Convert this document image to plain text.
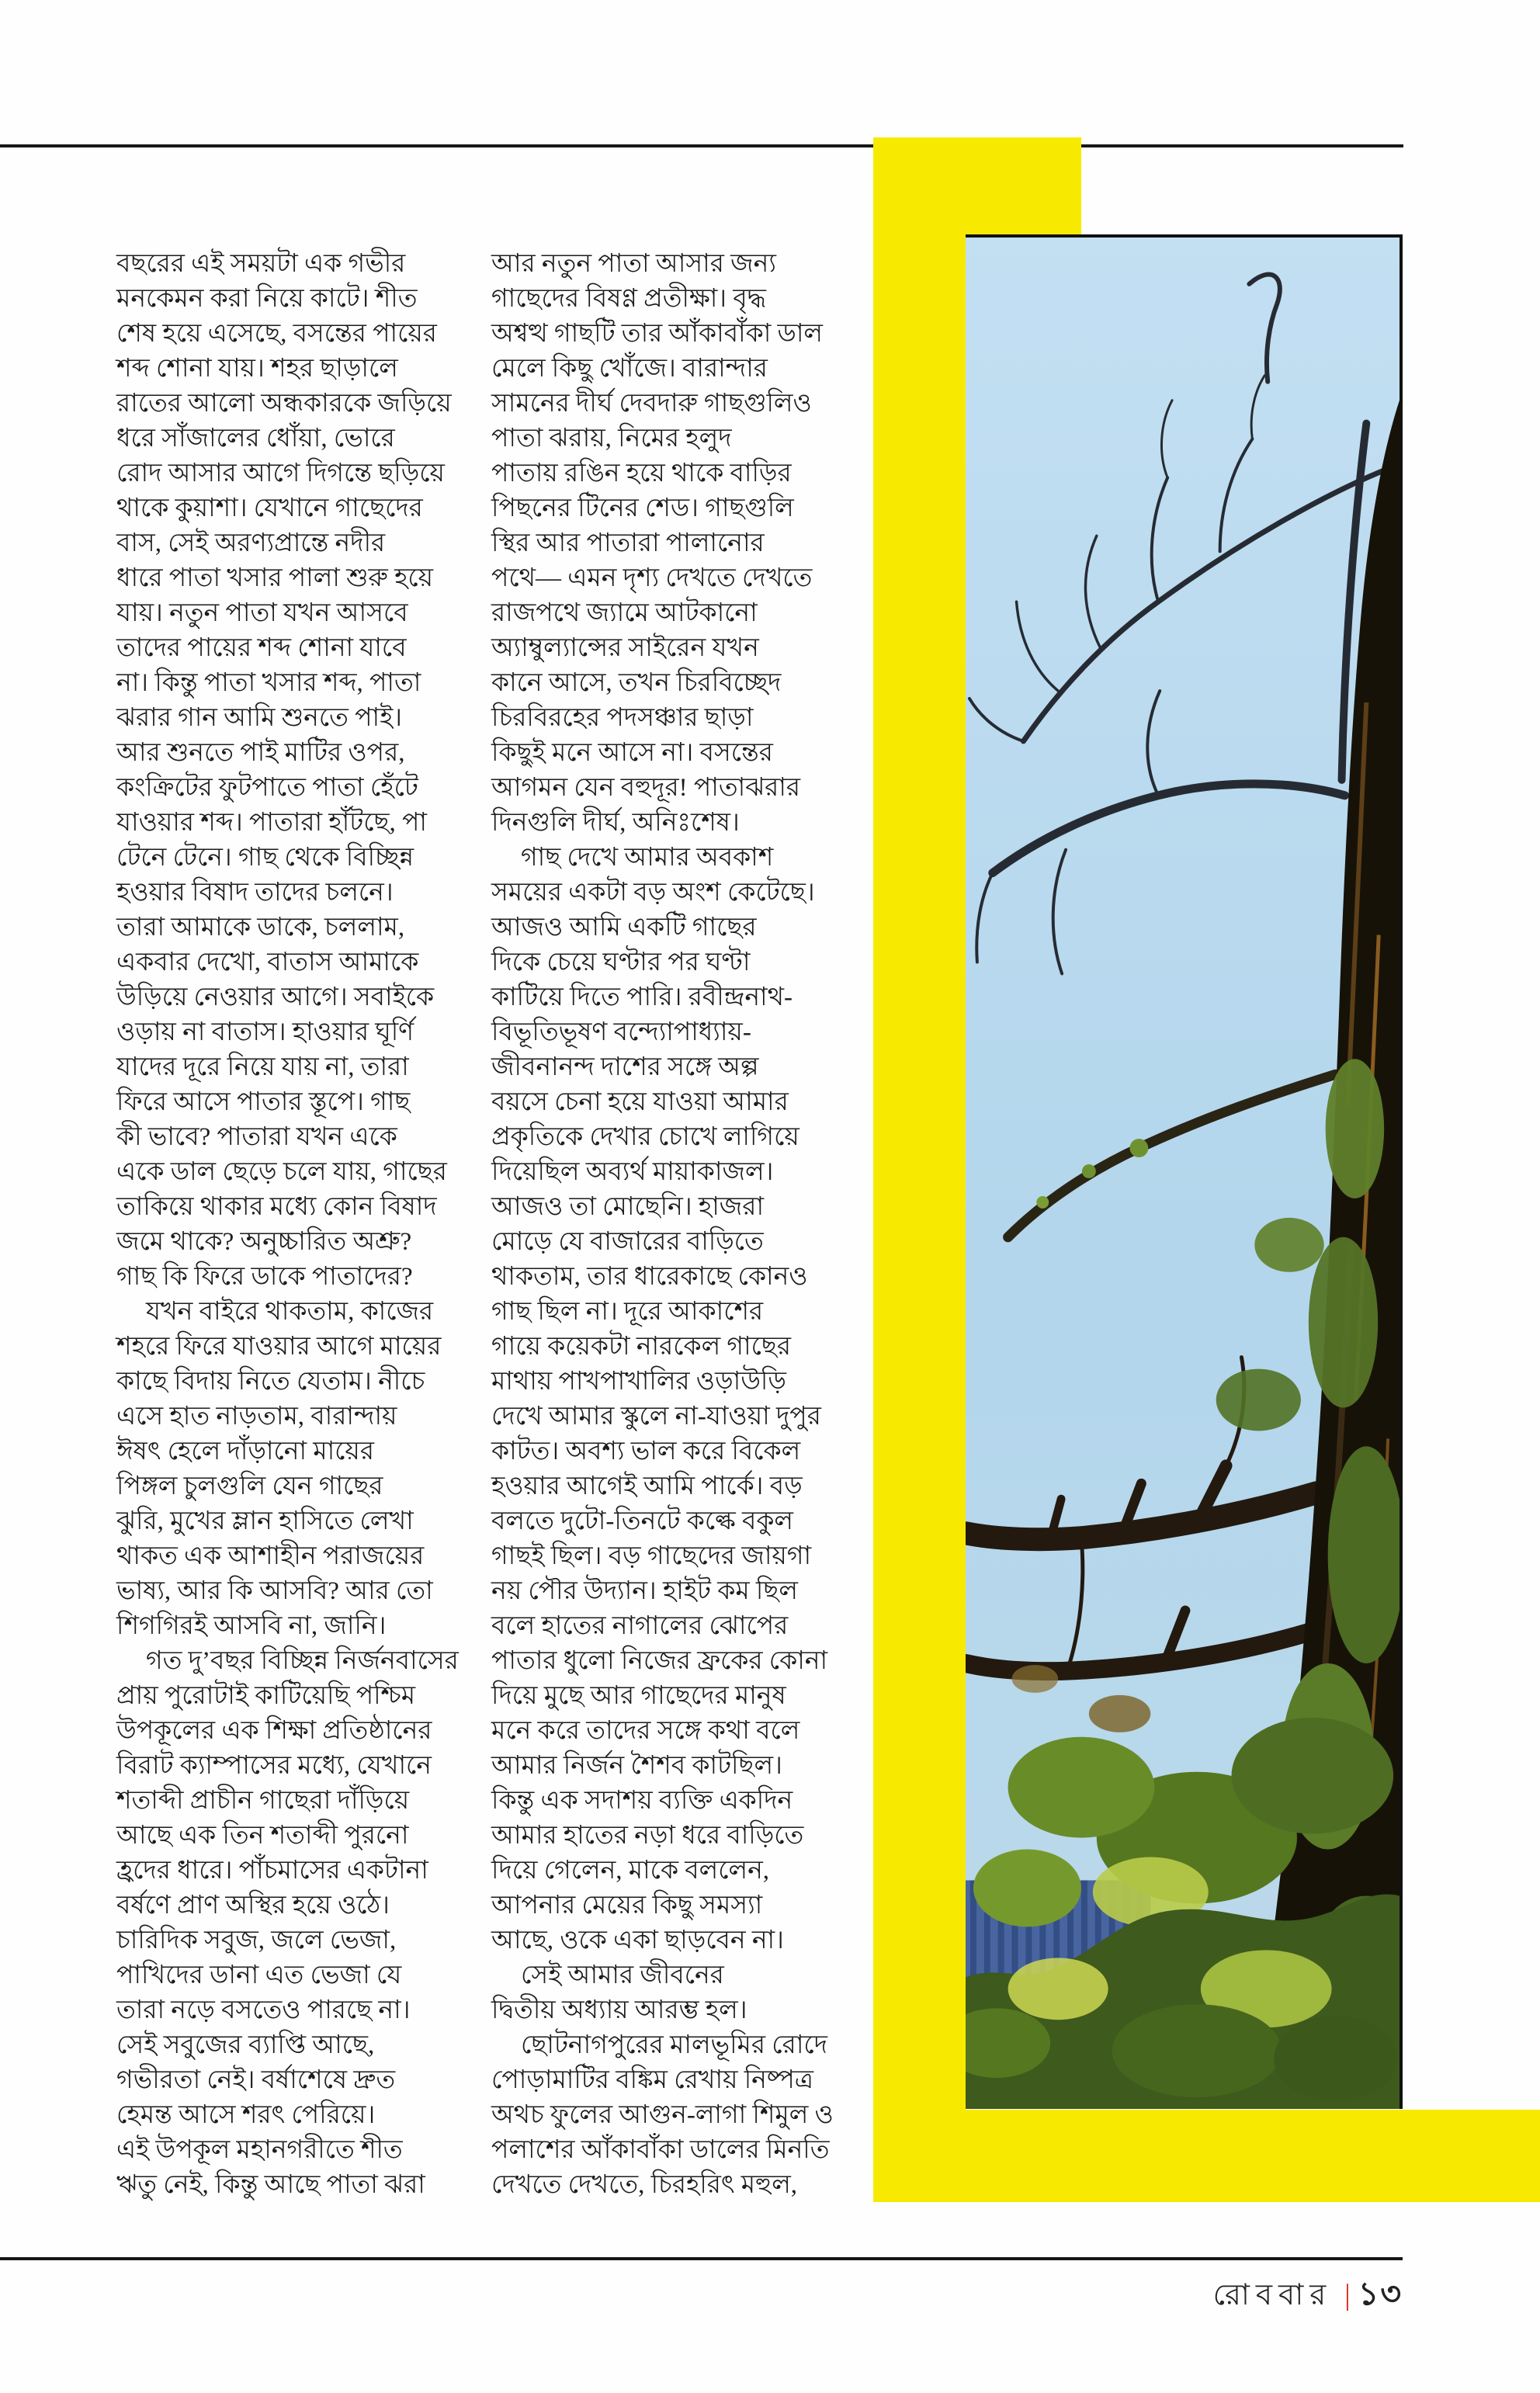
বছরের এই সময়টা এক গভীর
মনকেমন করা নিয়ে কাটে। শীত
শেষ হয়ে এসেছে, বসন্তের পায়ের
শব্দ শোনা যায়। শহর ছাড়ালে
রাতের আলো অন্ধকারকে জড়িয়ে
ধরে সাঁজালের ধোঁয়া, ভোরে
রোদ আসার আগে দিগন্তে ছড়িয়ে
থাকে কুয়াশা। যেখানে গাছেদের
বাস, সেই অরণ্যপ্রান্তে নদীর
ধারে পাতা খসার পালা শুরু হয়ে
যায়। নতুন পাতা যখন আসবে
তাদের পায়ের শব্দ শোনা যাবে
না। কিন্তু পাতা খসার শব্দ, পাতা
ঝরার গান আমি শুনতে পাই।
আর শুনতে পাই মাটির ওপর,
কংক্রিটের ফুটপাতে পাতা হেঁটে
যাওয়ার শব্দ। পাতারা হাঁটছে, পা
টেনে টেনে। গাছ থেকে বিচ্ছিন্ন
হওয়ার বিষাদ তাদের চলনে।
তারা আমাকে ডাকে, চললাম,
একবার দেখো, বাতাস আমাকে
উড়িয়ে নেওয়ার আগে। সবাইকে
ওড়ায় না বাতাস। হাওয়ার ঘূর্ণি
যাদের দূরে নিয়ে যায় না, তারা
ফিরে আসে পাতার স্তূপে। গাছ
কী ভাবে? পাতারা যখন একে
একে ডাল ছেড়ে চলে যায়, গাছের
তাকিয়ে থাকার মধ্যে কোন বিষাদ
জমে থাকে? অনুচ্চারিত অশ্রু?
গাছ কি ফিরে ডাকে পাতাদের?
যখন বাইরে থাকতাম, কাজের
শহরে ফিরে যাওয়ার আগে মায়ের
কাছে বিদায় নিতে যেতাম। নীচে
এসে হাত নাড়তাম, বারান্দায়
ঈষৎ হেলে দাঁড়ানো মায়ের
পিঙ্গল চুলগুলি যেন গাছের
ঝুরি, মুখের ম্লান হাসিতে লেখা
থাকত এক আশাহীন পরাজয়ের
ভাষ্য, আর কি আসবি? আর তো
শিগগিরই আসবি না, জানি।
গত দু’বছর বিচ্ছিন্ন নির্জনবাসের
প্রায় পুরোটাই কাটিয়েছি পশ্চিম
উপকূলের এক শিক্ষা প্রতিষ্ঠানের
বিরাট ক্যাম্পাসের মধ্যে, যেখানে
শতাব্দী প্রাচীন গাছেরা দাঁড়িয়ে
আছে এক তিন শতাব্দী পুরনো
হ্রদের ধারে। পাঁচমাসের একটানা
বর্ষণে প্রাণ অস্থির হয়ে ওঠে।
চারিদিক সবুজ, জলে ভেজা,
পাখিদের ডানা এত ভেজা যে
তারা নড়ে বসতেও পারছে না।
সেই সবুজের ব্যাপ্তি আছে,
গভীরতা নেই। বর্ষাশেষে দ্রুত
হেমন্ত আসে শরৎ পেরিয়ে।
এই উপকূল মহানগরীতে শীত
ঋতু নেই, কিন্তু আছে পাতা ঝরা
আর নতুন পাতা আসার জন্য
গাছেদের বিষণ্ণ প্রতীক্ষা। বৃদ্ধ
অশ্বত্থ গাছটি তার আঁকাবাঁকা ডাল
মেলে কিছু খোঁজে। বারান্দার
সামনের দীর্ঘ দেবদারু গাছগুলিও
পাতা ঝরায়, নিমের হলুদ
পাতায় রঙিন হয়ে থাকে বাড়ির
পিছনের টিনের শেড। গাছগুলি
স্থির আর পাতারা পালানোর
পথে— এমন দৃশ্য দেখতে দেখতে
রাজপথে জ্যামে আটকানো
অ্যাম্বুল্যান্সের সাইরেন যখন
কানে আসে, তখন চিরবিচ্ছেদ
চিরবিরহের পদসঞ্চার ছাড়া
কিছুই মনে আসে না। বসন্তের
আগমন যেন বহুদূর! পাতাঝরার
দিনগুলি দীর্ঘ, অনিঃশেষ।
গাছ দেখে আমার অবকাশ
সময়ের একটা বড় অংশ কেটেছে।
আজও আমি একটি গাছের
দিকে চেয়ে ঘণ্টার পর ঘণ্টা
কাটিয়ে দিতে পারি। রবীন্দ্রনাথ-
বিভূতিভূষণ বন্দ্যোপাধ্যায়-
জীবনানন্দ দাশের সঙ্গে অল্প
বয়সে চেনা হয়ে যাওয়া আমার
প্রকৃতিকে দেখার চোখে লাগিয়ে
দিয়েছিল অব্যর্থ মায়াকাজল।
আজও তা মোছেনি। হাজরা
মোড়ে যে বাজারের বাড়িতে
থাকতাম, তার ধারেকাছে কোনও
গাছ ছিল না। দূরে আকাশের
গায়ে কয়েকটা নারকেল গাছের
মাথায় পাখপাখালির ওড়াউড়ি
দেখে আমার স্কুলে না-যাওয়া দুপুর
কাটত। অবশ্য ভাল করে বিকেল
হওয়ার আগেই আমি পার্কে। বড়
বলতে দুটো-তিনটে কল্কে বকুল
গাছই ছিল। বড় গাছেদের জায়গা
নয় পৌর উদ্যান। হাইট কম ছিল
বলে হাতের নাগালের ঝোপের
পাতার ধুলো নিজের ফ্রকের কোনা
দিয়ে মুছে আর গাছেদের মানুষ
মনে করে তাদের সঙ্গে কথা বলে
আমার নির্জন শৈশব কাটছিল।
কিন্তু এক সদাশয় ব্যক্তি একদিন
আমার হাতের নড়া ধরে বাড়িতে
দিয়ে গেলেন, মাকে বললেন,
আপনার মেয়ের কিছু সমস্যা
আছে, ওকে একা ছাড়বেন না।
সেই আমার জীবনের
দ্বিতীয় অধ্যায় আরম্ভ হল।
ছোটনাগপুরের মালভূমির রোদে
পোড়ামাটির বঙ্কিম রেখায় নিষ্পত্র
অথচ ফুলের আগুন-লাগা শিমুল ও
পলাশের আঁকাবাঁকা ডালের মিনতি
দেখতে দেখতে, চিরহরিৎ মহুল,
রোববার | ১৩
